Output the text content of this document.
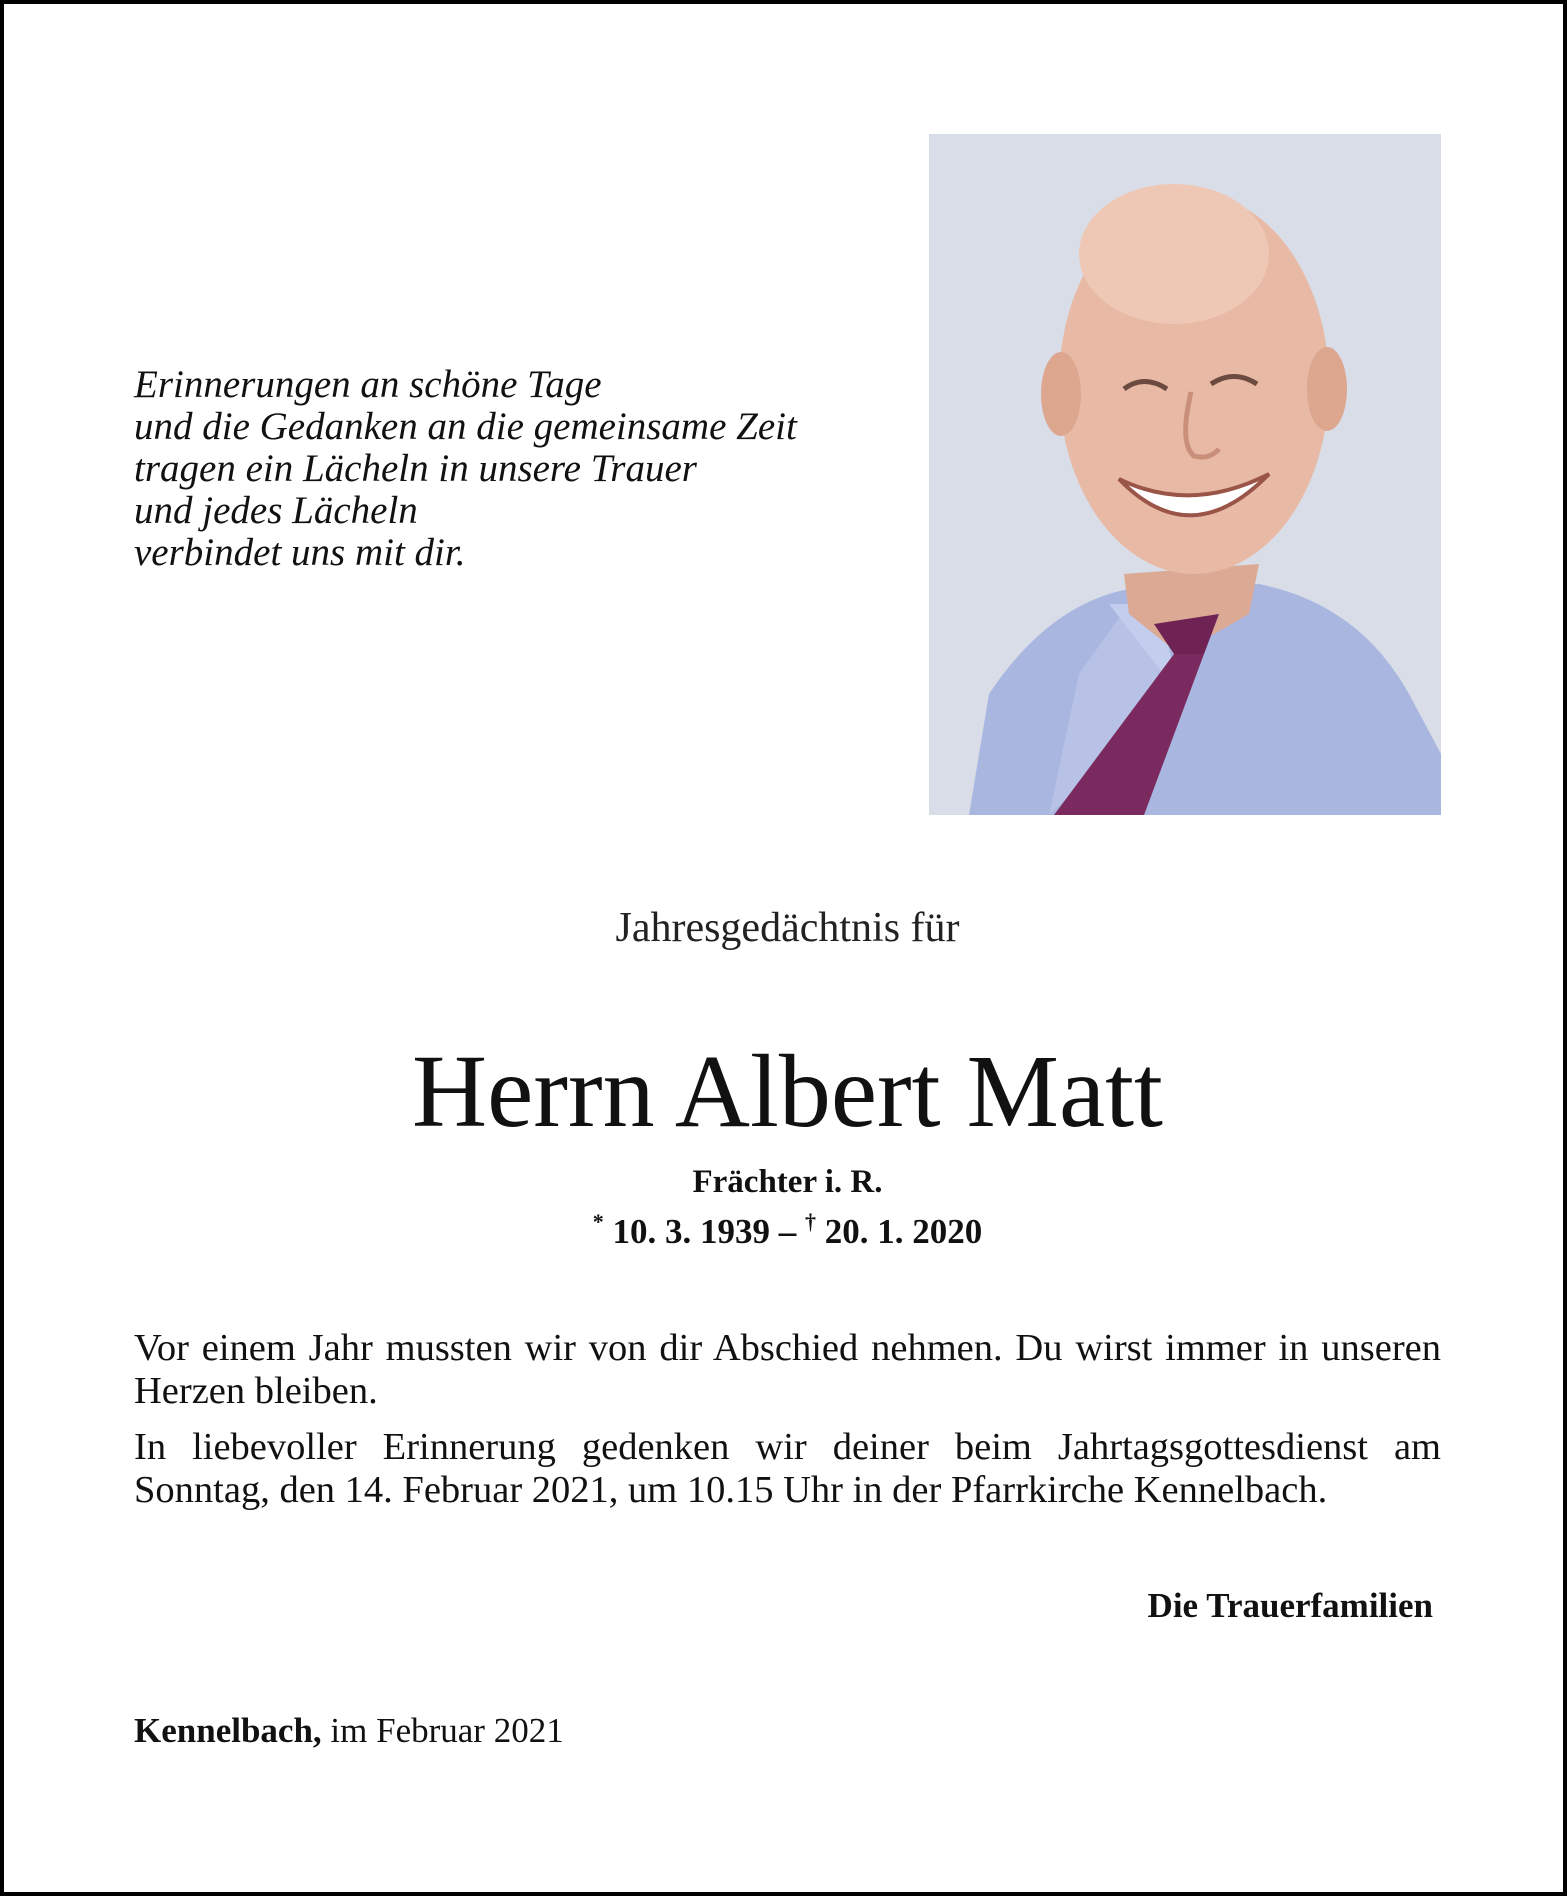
Erinnerungen an schöne Tage
und die Gedanken an die gemeinsame Zeit
tragen ein Lächeln in unsere Trauer
und jedes Lächeln
verbindet uns mit dir.
Jahresgedächtnis für
Herrn Albert Matt
Frächter i. R.
* 10. 3. 1939 – † 20. 1. 2020
Vor einem Jahr mussten wir von dir Abschied nehmen. Du wirst immer in unseren Herzen bleiben.
In liebevoller Erinnerung gedenken wir deiner beim Jahrtagsgottesdienst am Sonntag, den 14. Februar 2021, um 10.15 Uhr in der Pfarrkirche Kennelbach.
Die Trauerfamilien
Kennelbach, im Februar 2021
